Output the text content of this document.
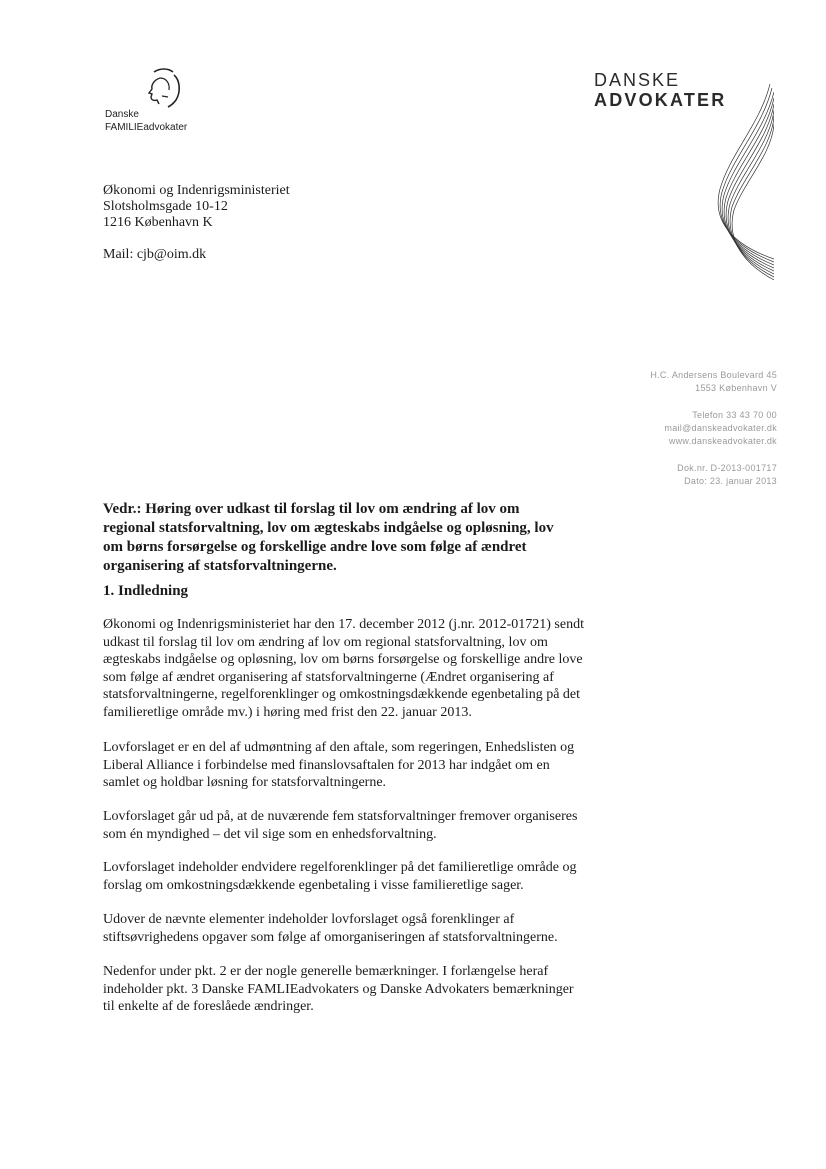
Danske
FAMILIEadvokater
DANSKE
ADVOKATER
Økonomi og Indenrigsministeriet
Slotsholmsgade 10-12
1216 København K
Mail: cjb@oim.dk
H.C. Andersens Boulevard 45
1553 København V
Telefon 33 43 70 00
mail@danskeadvokater.dk
www.danskeadvokater.dk
Dok.nr. D-2013-001717
Dato: 23. januar 2013
Vedr.: Høring over udkast til forslag til lov om ændring af lov om
regional statsforvaltning, lov om ægteskabs indgåelse og opløsning, lov
om børns forsørgelse og forskellige andre love som følge af ændret
organisering af statsforvaltningerne.
1. Indledning
Økonomi og Indenrigsministeriet har den 17. december 2012 (j.nr. 2012-01721) sendt
udkast til forslag til lov om ændring af lov om regional statsforvaltning, lov om
ægteskabs indgåelse og opløsning, lov om børns forsørgelse og forskellige andre love
som følge af ændret organisering af statsforvaltningerne (Ændret organisering af
statsforvaltningerne, regelforenklinger og omkostningsdækkende egenbetaling på det
familieretlige område mv.) i høring med frist den 22. januar 2013.
Lovforslaget er en del af udmøntning af den aftale, som regeringen, Enhedslisten og
Liberal Alliance i forbindelse med finanslovsaftalen for 2013 har indgået om en
samlet og holdbar løsning for statsforvaltningerne.
Lovforslaget går ud på, at de nuværende fem statsforvaltninger fremover organiseres
som én myndighed – det vil sige som en enhedsforvaltning.
Lovforslaget indeholder endvidere regelforenklinger på det familieretlige område og
forslag om omkostningsdækkende egenbetaling i visse familieretlige sager.
Udover de nævnte elementer indeholder lovforslaget også forenklinger af
stiftsøvrighedens opgaver som følge af omorganiseringen af statsforvaltningerne.
Nedenfor under pkt. 2 er der nogle generelle bemærkninger. I forlængelse heraf
indeholder pkt. 3 Danske FAMLIEadvokaters og Danske Advokaters bemærkninger
til enkelte af de foreslåede ændringer.
